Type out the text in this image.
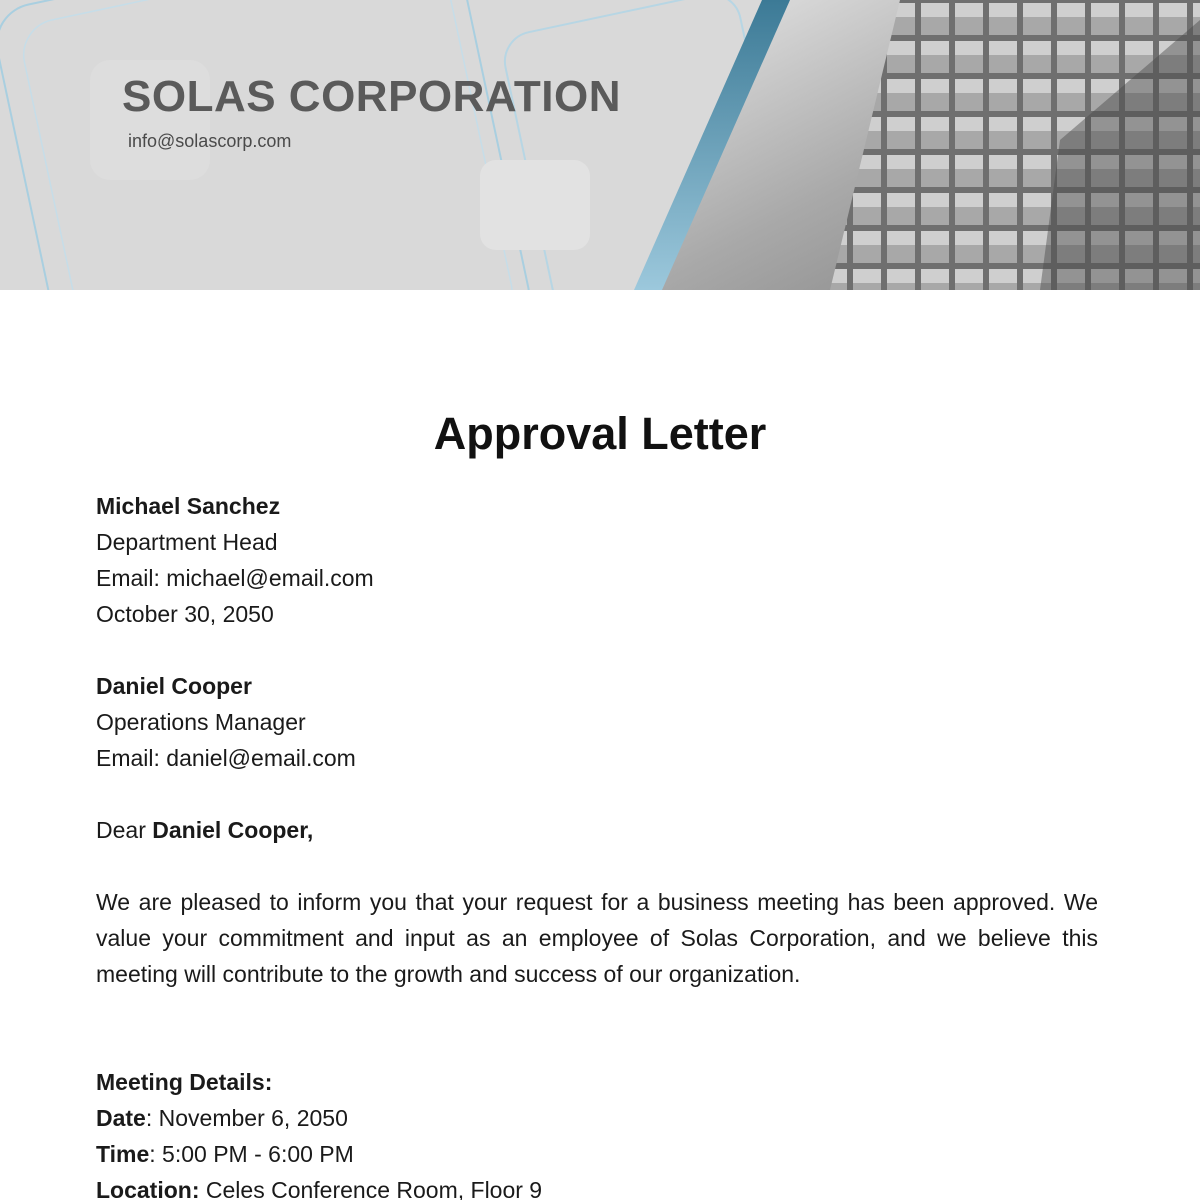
SOLAS CORPORATION
info@solascorp.com
Approval Letter
Michael Sanchez
Department Head
Email: michael@email.com
October 30, 2050
Daniel Cooper
Operations Manager
Email: daniel@email.com
Dear Daniel Cooper,
We are pleased to inform you that your request for a business meeting has been approved. We value your commitment and input as an employee of Solas Corporation, and we believe this meeting will contribute to the growth and success of our organization.
Meeting Details:
Date: November 6, 2050
Time: 5:00 PM - 6:00 PM
Location: Celes Conference Room, Floor 9
